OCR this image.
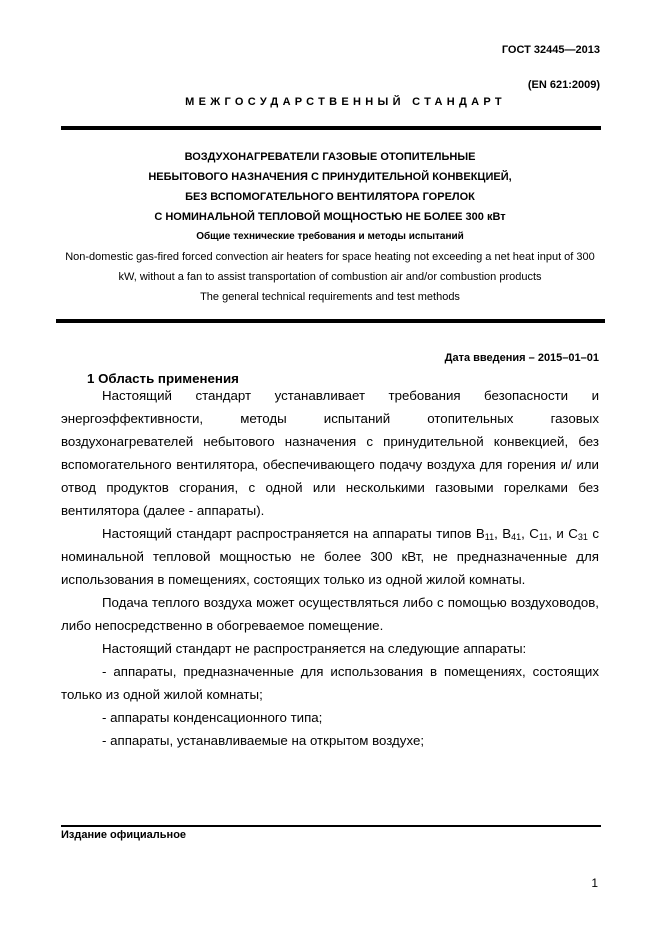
ГОСТ 32445—2013
(EN 621:2009)
МЕЖГОСУДАРСТВЕННЫЙ СТАНДАРТ
ВОЗДУХОНАГРЕВАТЕЛИ ГАЗОВЫЕ ОТОПИТЕЛЬНЫЕ
НЕБЫТОВОГО НАЗНАЧЕНИЯ С ПРИНУДИТЕЛЬНОЙ КОНВЕКЦИЕЙ,
БЕЗ ВСПОМОГАТЕЛЬНОГО ВЕНТИЛЯТОРА ГОРЕЛОК
С НОМИНАЛЬНОЙ ТЕПЛОВОЙ МОЩНОСТЬЮ НЕ БОЛЕЕ 300 кВт
Общие технические требования и методы испытаний
Non-domestic gas-fired forced convection air heaters for space heating not exceeding a net heat input of 300
kW, without a fan to assist transportation of combustion air and/or combustion products
The general technical requirements and test methods
Дата введения – 2015–01–01
1 Область применения

Настоящий стандарт устанавливает требования безопасности и энергоэффективности, методы испытаний отопительных газовых воздухонагревателей небытового назначения с принудительной конвекцией, без вспомогательного вентилятора, обеспечивающего подачу воздуха для горения и/ или отвод продуктов сгорания, с одной или несколькими газовыми горелками без вентилятора (далее - аппараты).

Настоящий стандарт распространяется на аппараты типов $B_{11}$, $B_{41}$, $C_{11}$, и $C_{31}$ с номинальной тепловой мощностью не более 300 кВт, не предназначенные для использования в помещениях, состоящих только из одной жилой комнаты.

Подача теплого воздуха может осуществляться либо с помощью воздуховодов, либо непосредственно в обогреваемое помещение.

Настоящий стандарт не распространяется на следующие аппараты:

- аппараты, предназначенные для использования в помещениях, состоящих только из одной жилой комнаты;

- аппараты конденсационного типа;

- аппараты, устанавливаемые на открытом воздухе;

Издание официальное
1
